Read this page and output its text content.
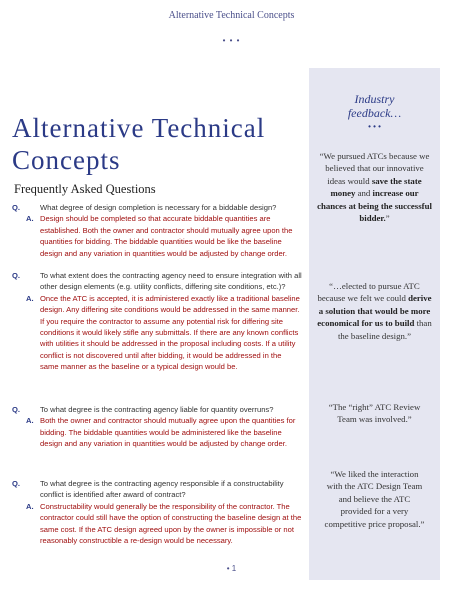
Alternative Technical Concepts
• • •
Alternative Technical
Concepts
Frequently Asked Questions
Q.	What degree of design completion is necessary for a biddable design?
A. Design should be completed so that accurate biddable quantities are established. Both the owner and contractor should mutually agree upon the quantities for bidding. The biddable quantities would be like the baseline design and any variation in quantities would be adjusted by change order.
Q.	To what extent does the contracting agency need to ensure integration with all other design elements (e.g. utility conflicts, differing site conditions, etc.)?
A. Once the ATC is accepted, it is administered exactly like a traditional baseline design. Any differing site conditions would be addressed in the same manner. If you require the contractor to assume any potential risk for differing site conditions it would likely stifle any submittals. If there are any known conflicts with utilities it should be addressed in the proposal including costs. If a utility conflict is not discovered until after bidding, it would be addressed in the same manner as the baseline or a typical design would be.
Q.	To what degree is the contracting agency liable for quantity overruns?
A. Both the owner and contractor should mutually agree upon the quantities for bidding. The biddable quantities would be administered like the baseline design and any variation in quantities would be adjusted by change order.
Q.	To what degree is the contracting agency responsible if a constructability conflict is identified after award of contract?
A. Constructability would generally be the responsibility of the contractor. The contractor could still have the option of constructing the baseline design at the same cost. If the ATC design agreed upon by the owner is impossible or not reasonably constructible a re-design would be necessary.
Industry
feedback…
• • •
“We pursued ATCs because we believed that our innovative ideas would save the state money and increase our chances at being the successful bidder.”
“…elected to pursue ATC because we felt we could derive a solution that would be more economical for us to build than the baseline design.”
“The “right” ATC Review Team was involved.”
“We liked the interaction with the ATC Design Team and believe the ATC provided for a very competitive price proposal.”
• 1
